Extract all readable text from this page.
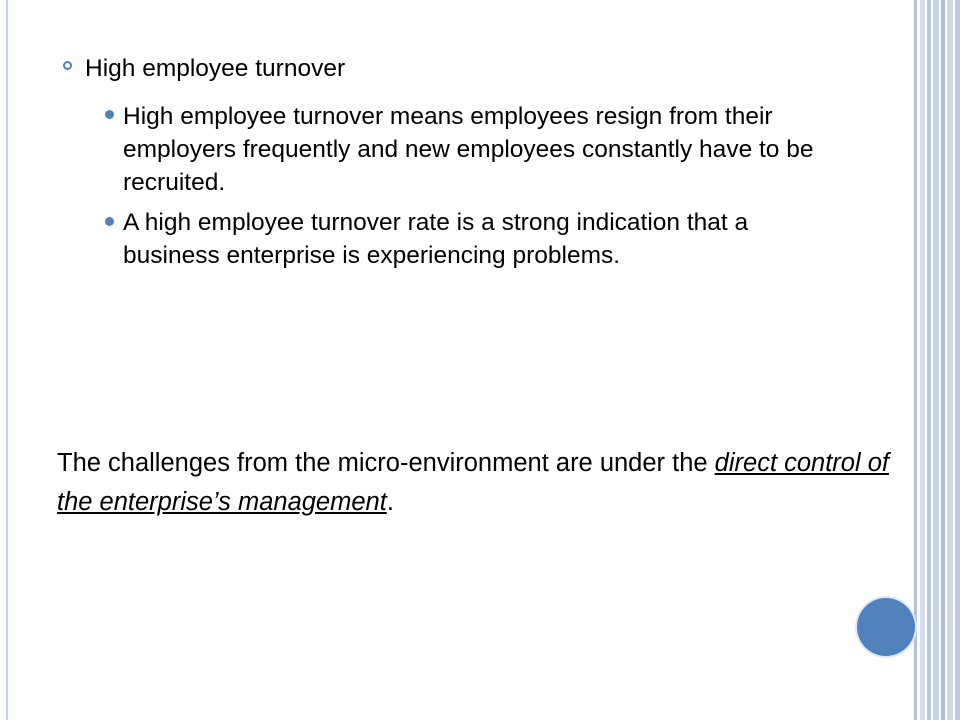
High employee turnover
High employee turnover means employees resign from their employers frequently and new employees constantly have to be recruited.
A high employee turnover rate is a strong indication that a business enterprise is experiencing problems.
The challenges from the micro-environment are under the direct control of the enterprise’s management.
